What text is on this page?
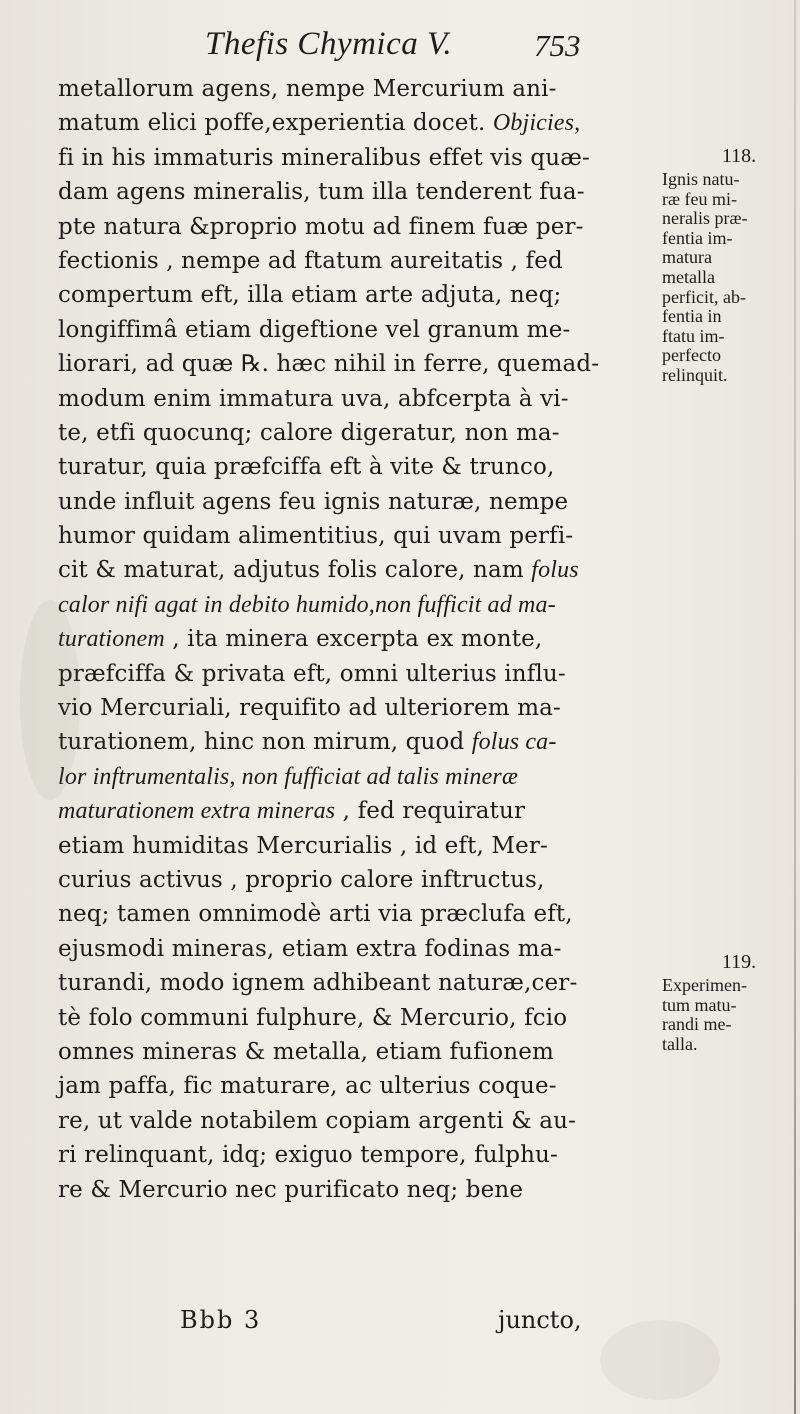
Thefis Chymica V.	753
metallorum agens, nempe Mercurium ani-
matum elici poffe,experientia docet. Objicies,
fi in his immaturis mineralibus effet vis quæ-
dam agens mineralis, tum illa tenderent fua-
pte natura &proprio motu ad finem fuæ per-
fectionis , nempe ad ftatum aureitatis , fed
compertum eft, illa etiam arte adjuta, neq;
longiffimâ etiam digeftione vel granum me-
liorari, ad quæ ℞. hæc nihil in ferre, quemad-
modum enim immatura uva, abfcerpta à vi-
te, etfi quocunq; calore digeratur, non ma-
turatur, quia præfciffa eft à vite & trunco,
unde influit agens feu ignis naturæ, nempe
humor quidam alimentitius, qui uvam perfi-
cit & maturat, adjutus folis calore, nam folus
calor nifi agat in debito humido,non fufficit ad ma-
turationem , ita minera excerpta ex monte,
præfciffa & privata eft, omni ulterius influ-
vio Mercuriali, requifito ad ulteriorem ma-
turationem, hinc non mirum, quod folus ca-
lor inftrumentalis, non fufficiat ad talis mineræ
maturationem extra mineras , fed requiratur
etiam humiditas Mercurialis , id eft, Mer-
curius activus , proprio calore inftructus,
neq; tamen omnimodè arti via præclufa eft,
ejusmodi mineras, etiam extra fodinas ma-
turandi, modo ignem adhibeant naturæ,cer-
tè folo communi fulphure, & Mercurio, fcio
omnes mineras & metalla, etiam fufionem
jam paffa, fic maturare, ac ulterius coque-
re, ut valde notabilem copiam argenti & au-
ri relinquant, idq; exiguo tempore, fulphu-
re & Mercurio nec purificato neq; bene
118.
Ignis natu-
ræ feu mi-
neralis præ-
fentia im-
matura
metalla
perficit, ab-
fentia in
ftatu im-
perfecto
relinquit.
119.
Experimen-
tum matu-
randi me-
talla.
Bbb 3	juncto,
